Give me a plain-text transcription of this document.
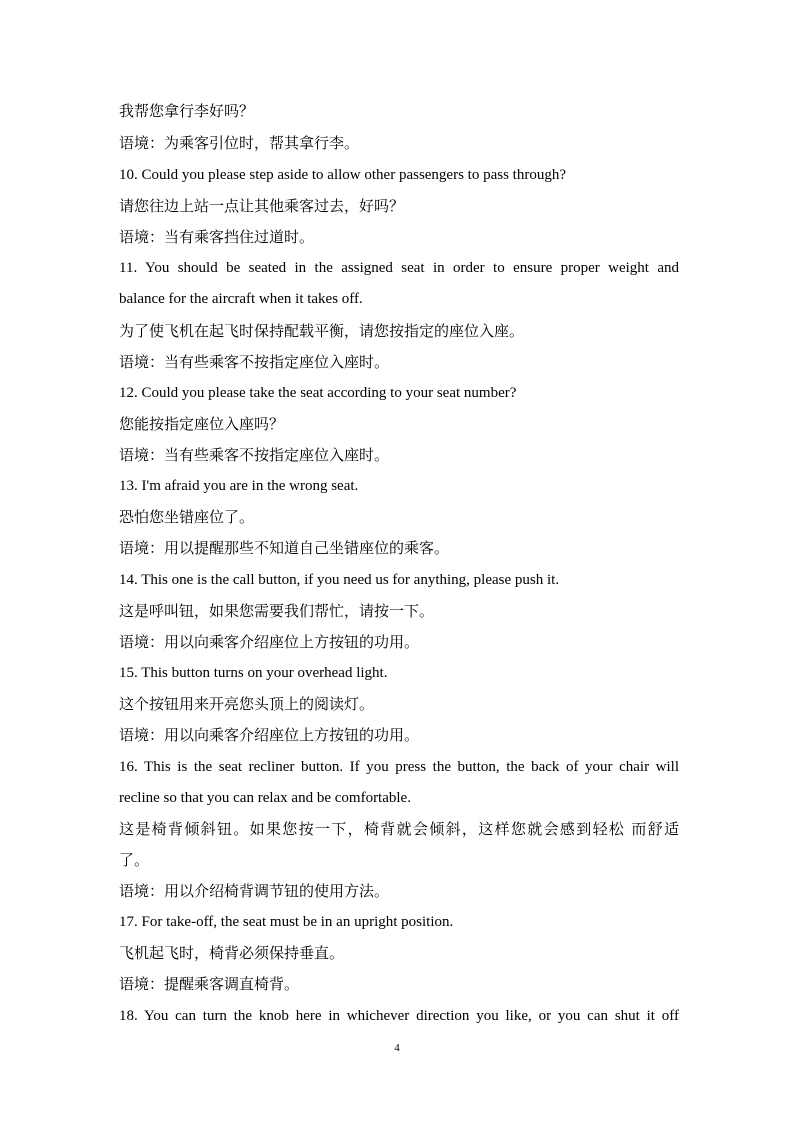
我帮您拿行李好吗？

语境：为乘客引位时，帮其拿行李。

10. Could you please step aside to allow other passengers to pass through?

请您往边上站一点让其他乘客过去，好吗？

语境：当有乘客挡住过道时。

11. You should be seated in the assigned seat in order to ensure proper weight and

balance for the aircraft when it takes off.

为了使飞机在起飞时保持配载平衡，请您按指定的座位入座。

语境：当有些乘客不按指定座位入座时。

12. Could you please take the seat according to your seat number?

您能按指定座位入座吗？

语境：当有些乘客不按指定座位入座时。

13. I'm afraid you are in the wrong seat.

恐怕您坐错座位了。

语境：用以提醒那些不知道自己坐错座位的乘客。

14. This one is the call button, if you need us for anything, please push it.

这是呼叫钮，如果您需要我们帮忙，请按一下。

语境：用以向乘客介绍座位上方按钮的功用。

15. This button turns on your overhead light.

这个按钮用来开亮您头顶上的阅读灯。

语境：用以向乘客介绍座位上方按钮的功用。

16. This is the seat recliner button. If you press the button, the back of your chair will

recline so that you can relax and be comfortable.

这是椅背倾斜钮。如果您按一下，椅背就会倾斜，这样您就会感到轻松 而舒适

了。

语境：用以介绍椅背调节钮的使用方法。

17. For take-off, the seat must be in an upright position.

飞机起飞时，椅背必须保持垂直。

语境：提醒乘客调直椅背。

18. You can turn the knob here in whichever direction you like, or you can shut it off

4
